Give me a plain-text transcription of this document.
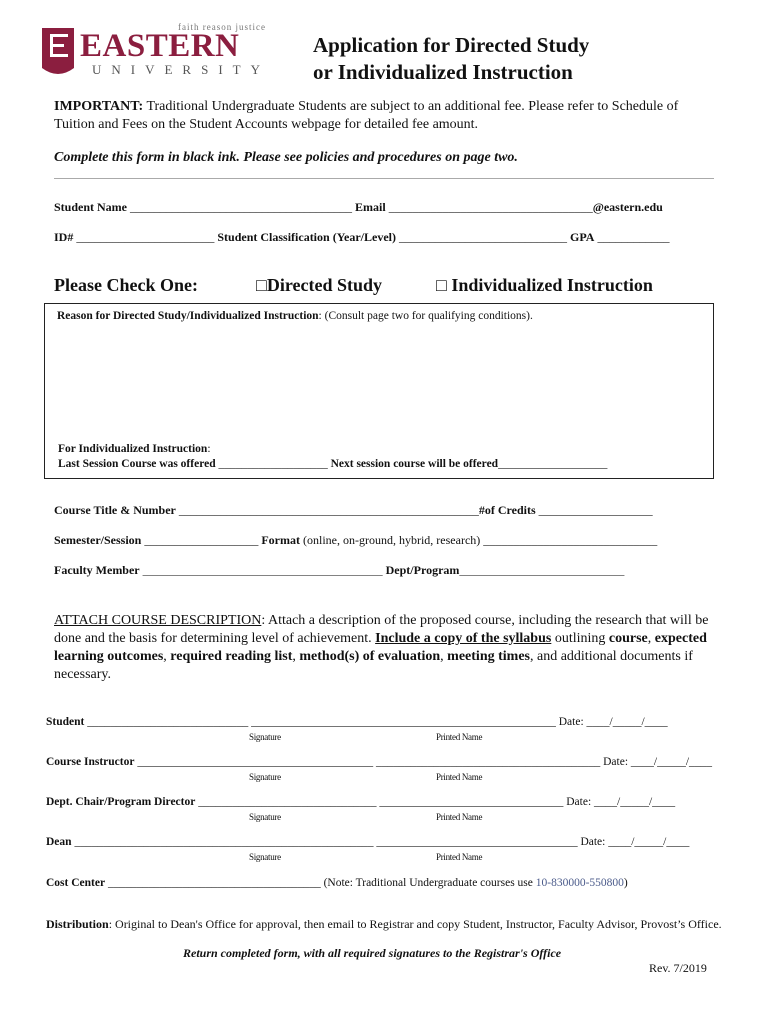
faith reason justice
EASTERN
UNIVERSITY
Application for Directed Study
or Individualized Instruction
IMPORTANT: Traditional Undergraduate Students are subject to an additional fee. Please refer to Schedule of Tuition and Fees on the Student Accounts webpage for detailed fee amount.
Complete this form in black ink. Please see policies and procedures on page two.
Student Name _____________________________________ Email __________________________________@eastern.edu
ID# _______________________ Student Classification (Year/Level) ____________________________ GPA ____________
Please Check One:	□Directed Study	□ Individualized Instruction
Reason for Directed Study/Individualized Instruction: (Consult page two for qualifying conditions).
For Individualized Instruction:
Last Session Course was offered ___________________ Next session course will be offered___________________
Course Title & Number __________________________________________________#of Credits ___________________
Semester/Session ___________________ Format (online, on-ground, hybrid, research) _____________________________
Faculty Member ________________________________________________ Dept/Program_________________________________
ATTACH COURSE DESCRIPTION: Attach a description of the proposed course, including the research that will be done and the basis for determining level of achievement. Include a copy of the syllabus outlining course, expected learning outcomes, required reading list, method(s) of evaluation, meeting times, and additional documents if necessary.
Student ____________________________ _____________________________________________________ Date: ____/_____/____
Signature	Printed Name
Course Instructor _________________________________________ _______________________________________ Date: ____/_____/____
Signature	Printed Name
Dept. Chair/Program Director _______________________________ ________________________________ Date: ____/_____/____
Signature	Printed Name
Dean ____________________________________________________ ___________________________________ Date: ____/_____/____
Signature	Printed Name
Cost Center _____________________________________ (Note: Traditional Undergraduate courses use 10-830000-550800)
Distribution: Original to Dean's Office for approval, then email to Registrar and copy Student, Instructor, Faculty Advisor, Provost’s Office.
Return completed form, with all required signatures to the Registrar's Office
Rev. 7/2019
